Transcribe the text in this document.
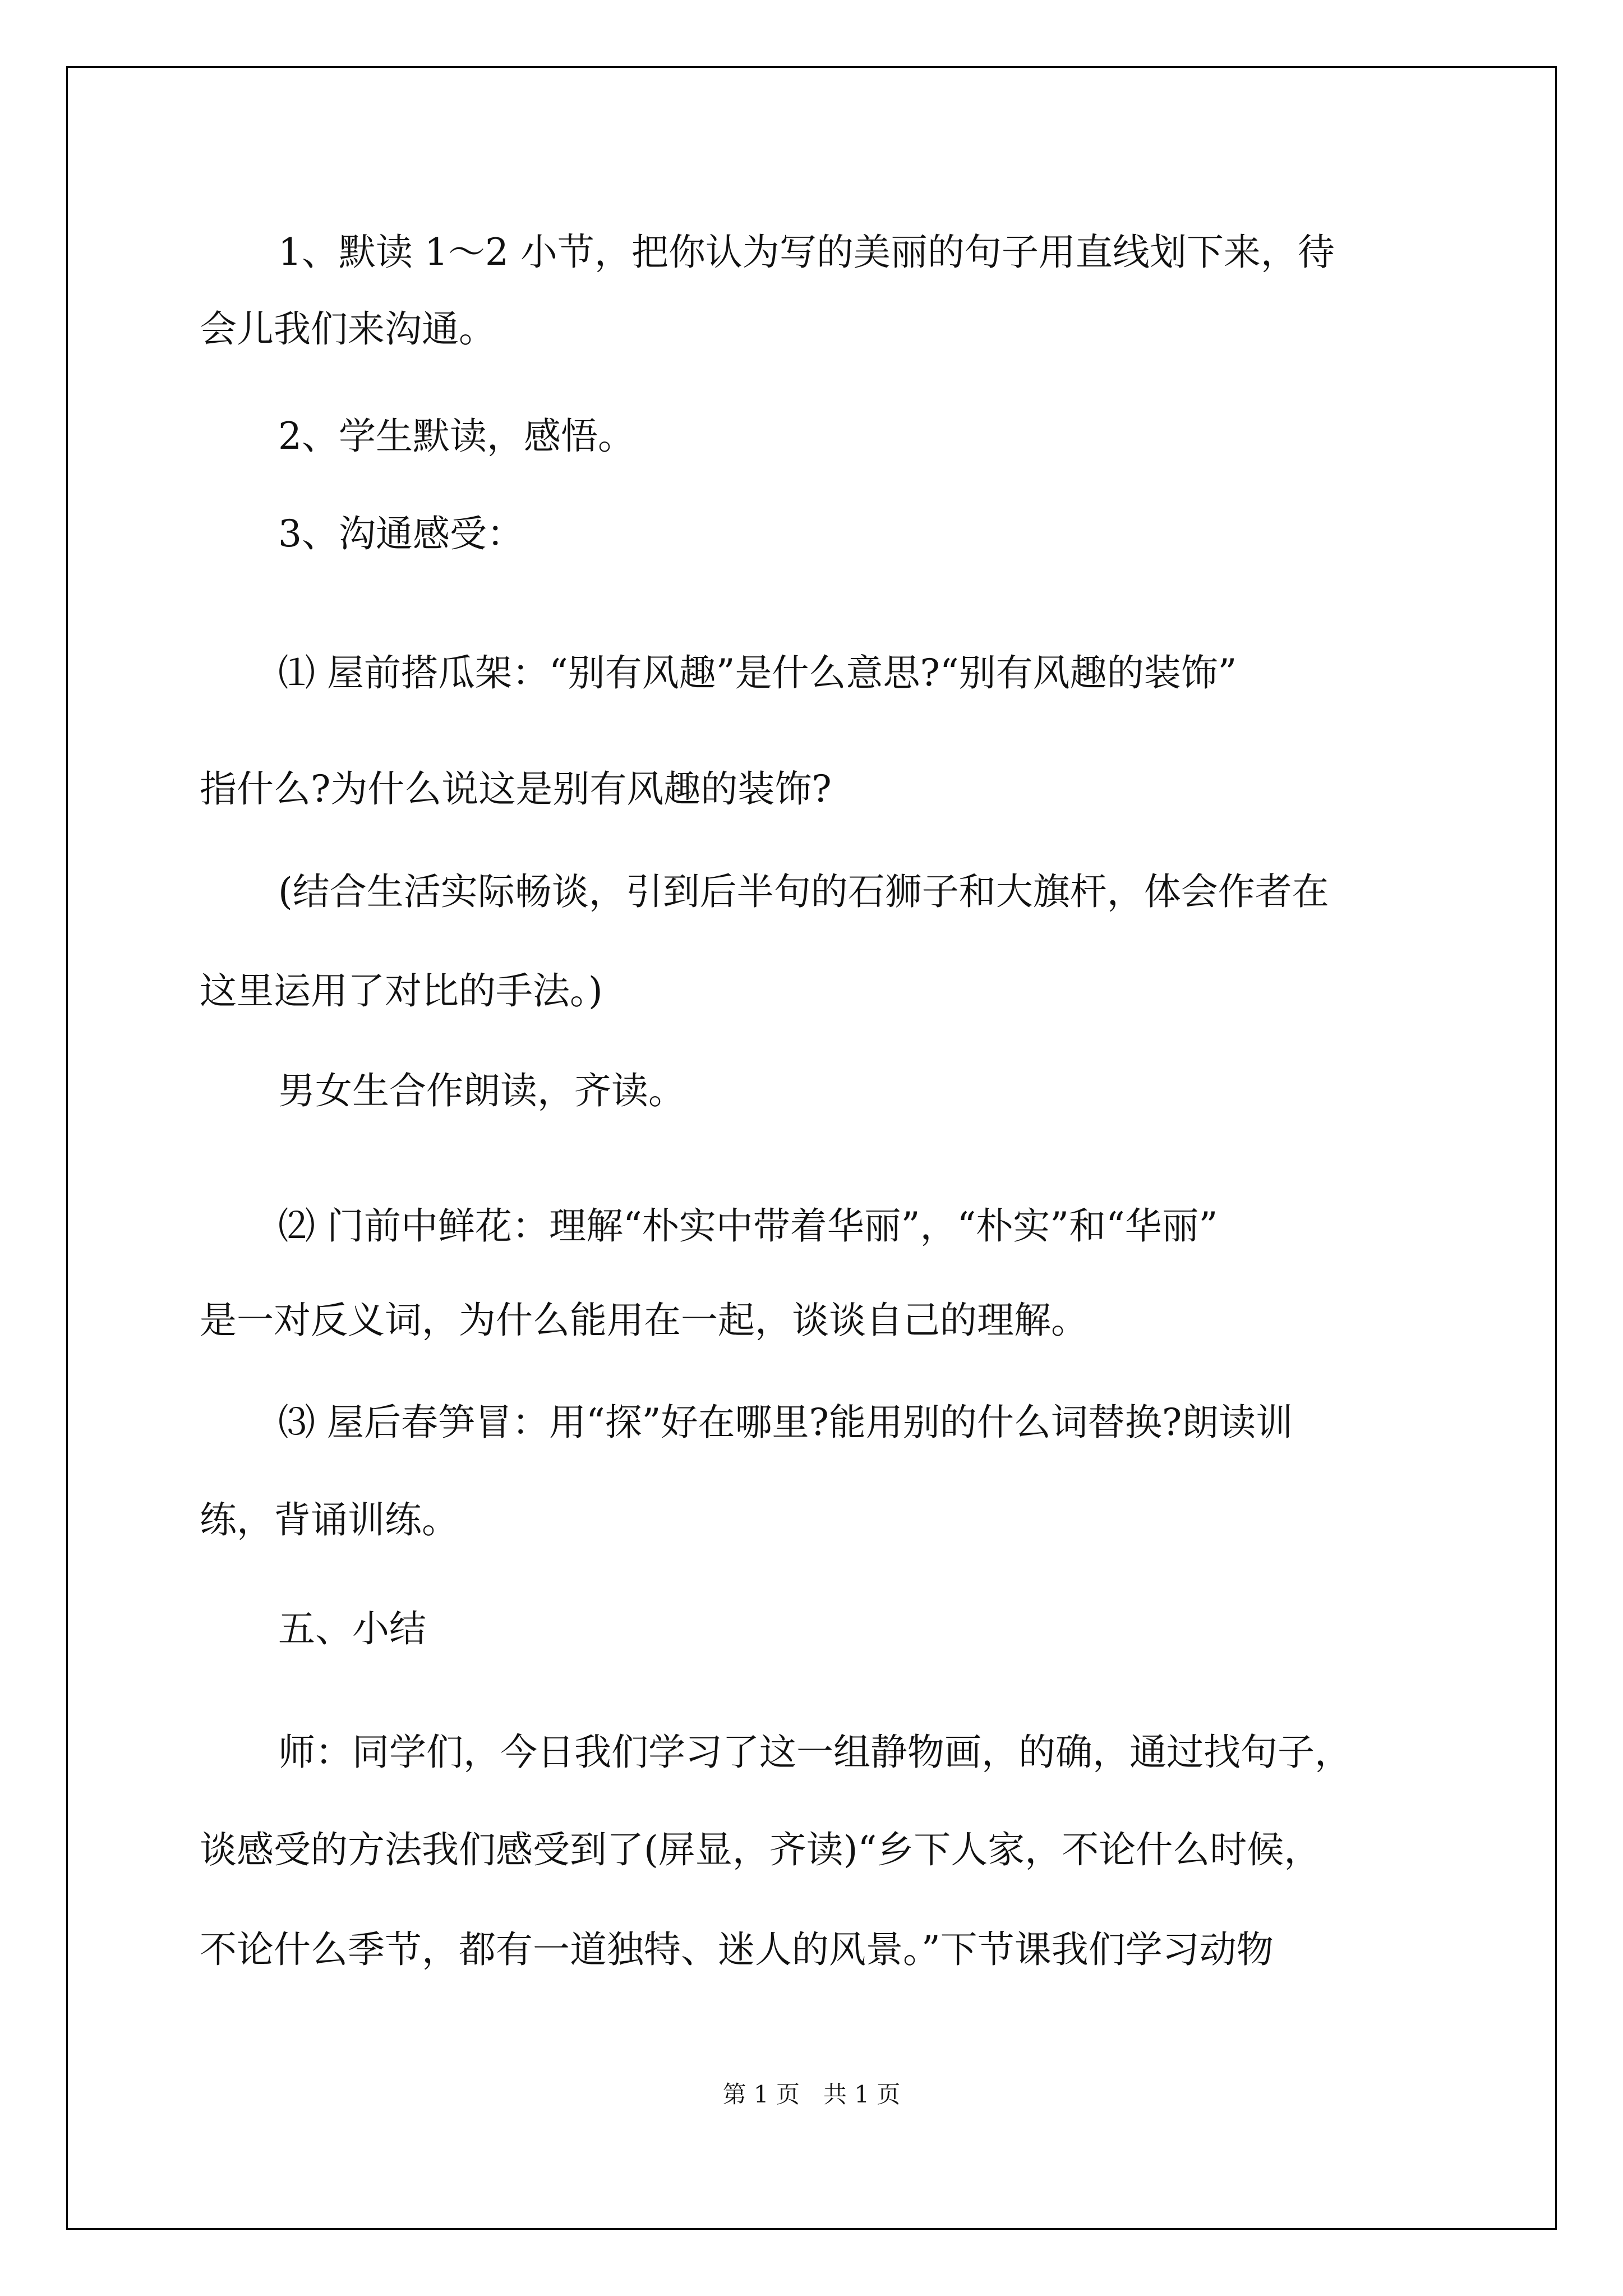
1、默读 1～2 小节，把你认为写的美丽的句子用直线划下来，待
会儿我们来沟通。
2、学生默读，感悟。
3、沟通感受：
⑴ 屋前搭瓜架：“别有风趣”是什么意思?“别有风趣的装饰”
指什么?为什么说这是别有风趣的装饰?
(结合生活实际畅谈，引到后半句的石狮子和大旗杆，体会作者在
这里运用了对比的手法。)
男女生合作朗读，齐读。
⑵ 门前中鲜花：理解“朴实中带着华丽”，“朴实”和“华丽”
是一对反义词，为什么能用在一起，谈谈自己的理解。
⑶ 屋后春笋冒：用“探”好在哪里?能用别的什么词替换?朗读训
练，背诵训练。
五、小结
师：同学们，今日我们学习了这一组静物画，的确，通过找句子，
谈感受的方法我们感受到了(屏显，齐读)“乡下人家，不论什么时候，
不论什么季节，都有一道独特、迷人的风景。”下节课我们学习动物
第 1 页　共 1 页
